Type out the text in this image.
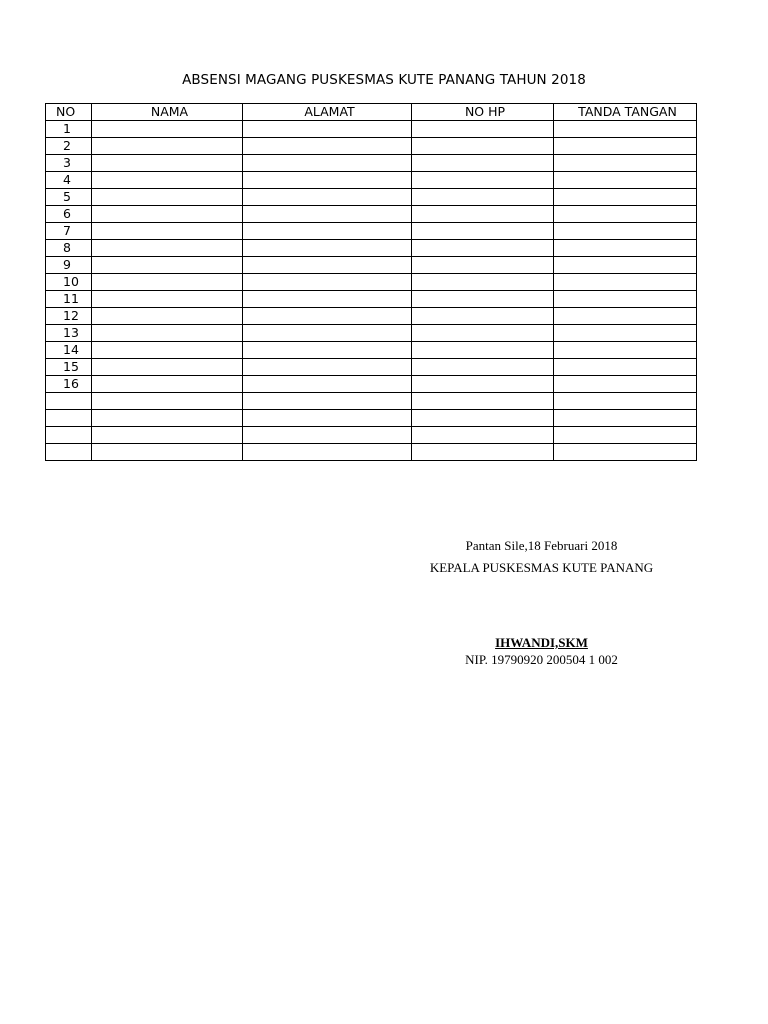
ABSENSI MAGANG PUSKESMAS KUTE PANANG TAHUN 2018
NO	NAMA	ALAMAT	NO HP	TANDA TANGAN
1				
2				
3				
4				
5				
6				
7				
8				
9				
10				
11				
12				
13				
14				
15				
16				

Pantan Sile,18 Februari 2018
KEPALA PUSKESMAS KUTE PANANG
IHWANDI,SKM
NIP. 19790920 200504 1 002
